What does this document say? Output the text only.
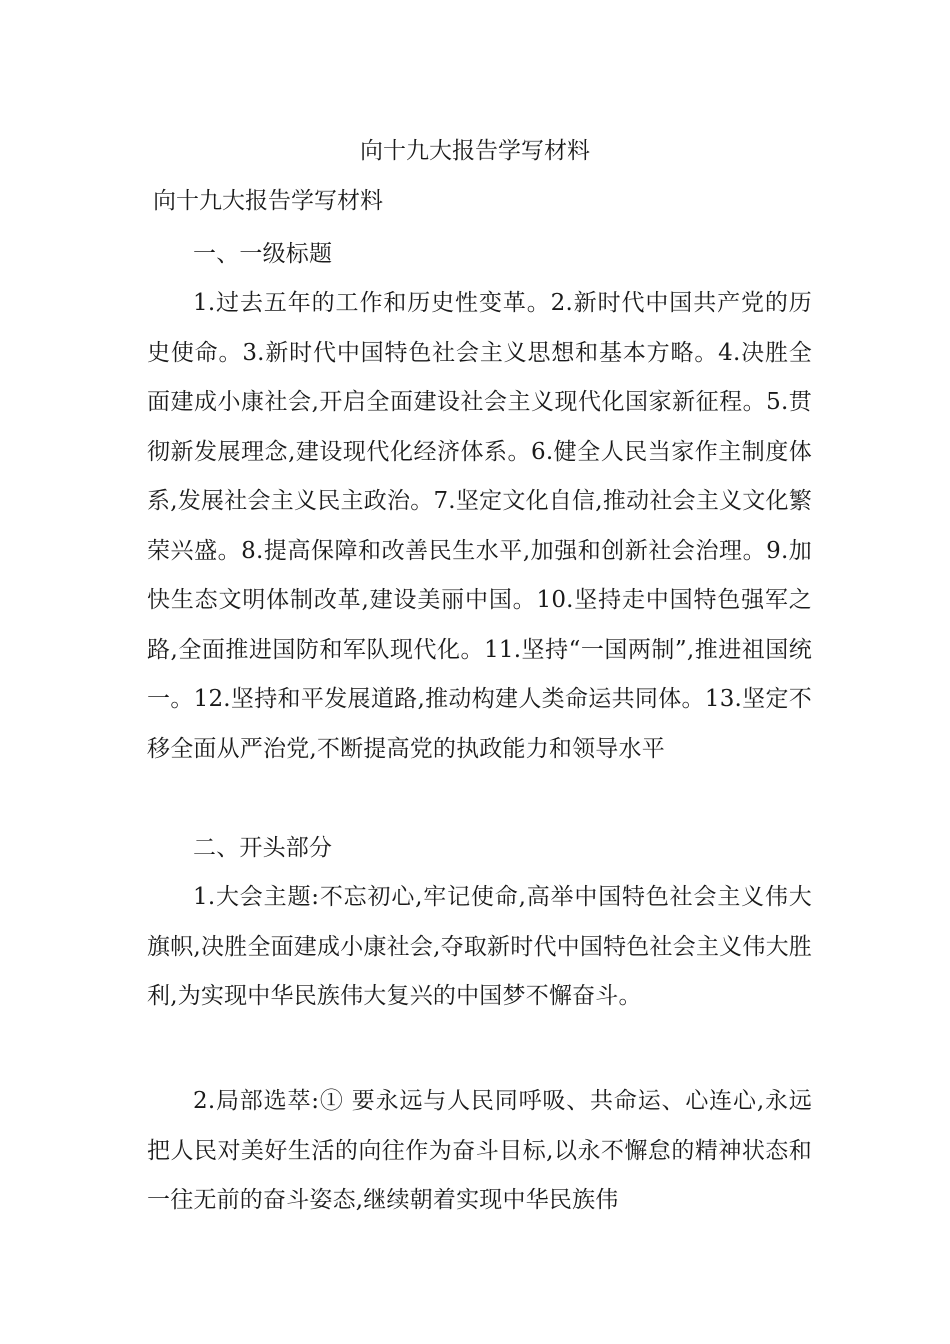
向十九大报告学写材料
向十九大报告学写材料

一、一级标题

1.过去五年的工作和历史性变革。2.新时代中国共产党的历史使命。3.新时代中国特色社会主义思想和基本方略。4.决胜全面建成小康社会,开启全面建设社会主义现代化国家新征程。5.贯彻新发展理念,建设现代化经济体系。6.健全人民当家作主制度体系,发展社会主义民主政治。7.坚定文化自信,推动社会主义文化繁荣兴盛。8.提高保障和改善民生水平,加强和创新社会治理。9.加快生态文明体制改革,建设美丽中国。10.坚持走中国特色强军之路,全面推进国防和军队现代化。11.坚持“一国两制”,推进祖国统一。12.坚持和平发展道路,推动构建人类命运共同体。13.坚定不移全面从严治党,不断提高党的执政能力和领导水平

二、开头部分

1.大会主题:不忘初心,牢记使命,高举中国特色社会主义伟大旗帜,决胜全面建成小康社会,夺取新时代中国特色社会主义伟大胜利,为实现中华民族伟大复兴的中国梦不懈奋斗。

2.局部选萃:① 要永远与人民同呼吸、共命运、心连心,永远把人民对美好生活的向往作为奋斗目标,以永不懈怠的精神状态和一往无前的奋斗姿态,继续朝着实现中华民族伟
